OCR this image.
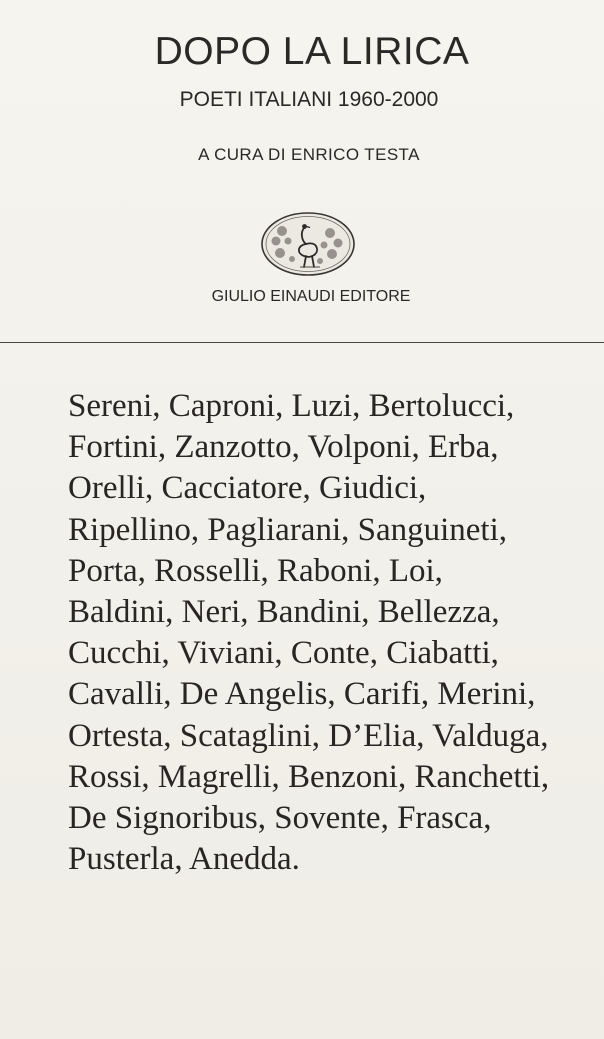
DOPO LA LIRICA
POETI ITALIANI 1960-2000
A CURA DI ENRICO TESTA
GIULIO EINAUDI EDITORE
Sereni, Caproni, Luzi, Bertolucci,
Fortini, Zanzotto, Volponi, Erba,
Orelli, Cacciatore, Giudici,
Ripellino, Pagliarani, Sanguineti,
Porta, Rosselli, Raboni, Loi,
Baldini, Neri, Bandini, Bellezza,
Cucchi, Viviani, Conte, Ciabatti,
Cavalli, De Angelis, Carifi, Merini,
Ortesta, Scataglini, D’Elia, Valduga,
Rossi, Magrelli, Benzoni, Ranchetti,
De Signoribus, Sovente, Frasca,
Pusterla, Anedda.
